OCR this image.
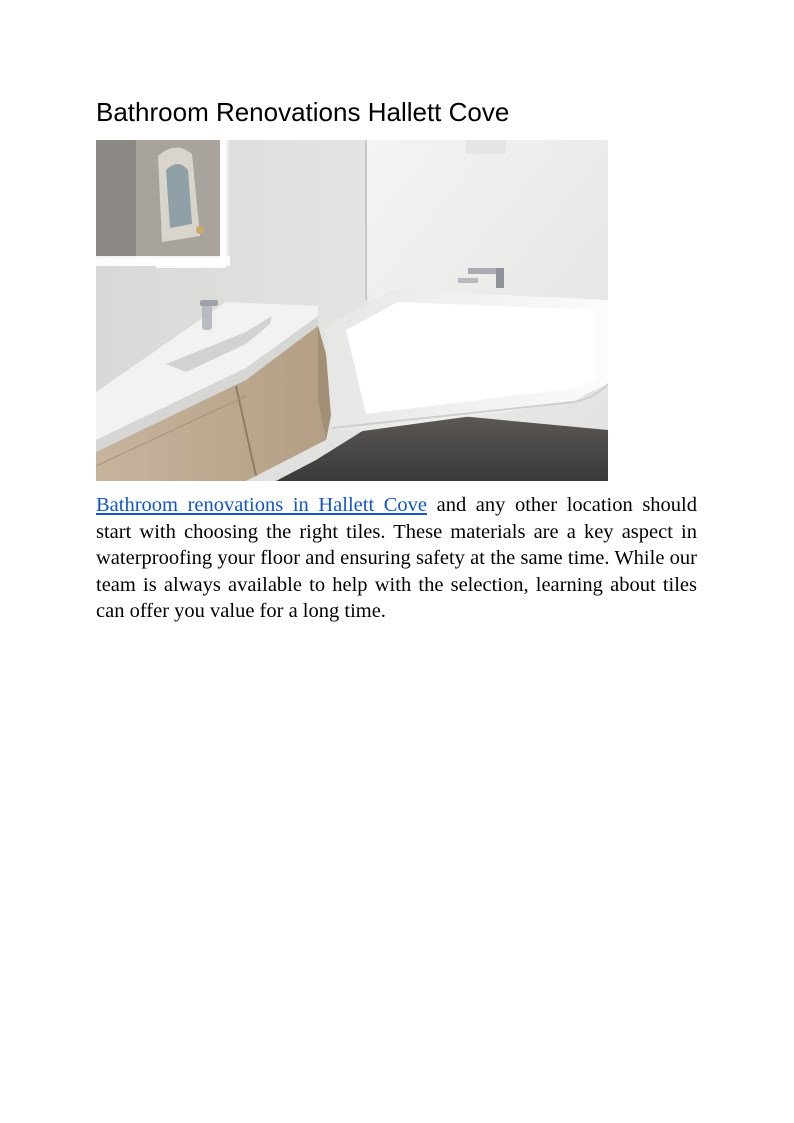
Bathroom Renovations Hallett Cove

Bathroom renovations in Hallett Cove and any other location should start with choosing the right tiles. These materials are a key aspect in waterproofing your floor and ensuring safety at the same time. While our team is always available to help with the selection, learning about tiles can offer you value for a long time.
